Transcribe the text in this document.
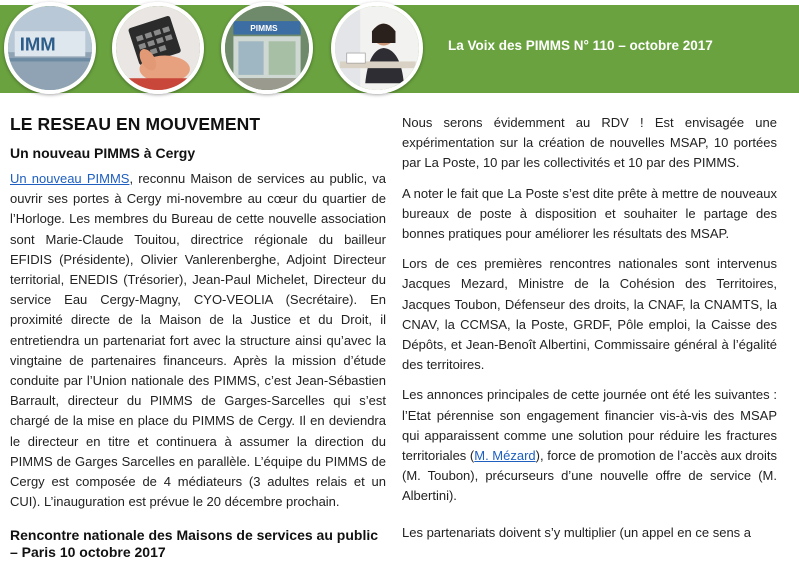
IMM
PIMMS
La Voix des PIMMS N° 110 – octobre 2017
LE RESEAU EN MOUVEMENT
Un nouveau PIMMS à Cergy

Un nouveau PIMMS, reconnu Maison de services au public, va ouvrir ses portes à Cergy mi-novembre au cœur du quartier de l’Horloge. Les membres du Bureau de cette nouvelle association sont Marie-Claude Touitou, directrice régionale du bailleur EFIDIS (Présidente), Olivier Vanlerenberghe, Adjoint Directeur territorial, ENEDIS (Trésorier), Jean-Paul Michelet, Directeur du service Eau Cergy-Magny, CYO-VEOLIA (Secrétaire). En proximité directe de la Maison de la Justice et du Droit, il entretiendra un partenariat fort avec la structure ainsi qu’avec la vingtaine de partenaires financeurs. Après la mission d’étude conduite par l’Union nationale des PIMMS, c’est Jean-Sébastien Barrault, directeur du PIMMS de Garges-Sarcelles qui s’est chargé de la mise en place du PIMMS de Cergy. Il en deviendra le directeur en titre et continuera à assumer la direction du PIMMS de Garges Sarcelles en parallèle. L’équipe du PIMMS de Cergy est composée de 4 médiateurs (3 adultes relais et un CUI). L’inauguration est prévue le 20 décembre prochain.

Rencontre nationale des Maisons de services au public – Paris 10 octobre 2017

Nous serons évidemment au RDV ! Est envisagée une expérimentation sur la création de nouvelles MSAP, 10 portées par La Poste, 10 par les collectivités et 10 par des PIMMS.

A noter le fait que La Poste s’est dite prête à mettre de nouveaux bureaux de poste à disposition et souhaiter le partage des bonnes pratiques pour améliorer les résultats des MSAP.

Lors de ces premières rencontres nationales sont intervenus Jacques Mezard, Ministre de la Cohésion des Territoires, Jacques Toubon, Défenseur des droits, la CNAF, la CNAMTS, la CNAV, la CCMSA, la Poste, GRDF, Pôle emploi, la Caisse des Dépôts, et Jean-Benoît Albertini, Commissaire général à l’égalité des territoires.

Les annonces principales de cette journée ont été les suivantes : l’Etat pérennise son engagement financier vis-à-vis des MSAP qui apparaissent comme une solution pour réduire les fractures territoriales (M. Mézard), force de promotion de l’accès aux droits (M. Toubon), précurseurs d’une nouvelle offre de service (M. Albertini).

Les partenariats doivent s’y multiplier (un appel en ce sens a
